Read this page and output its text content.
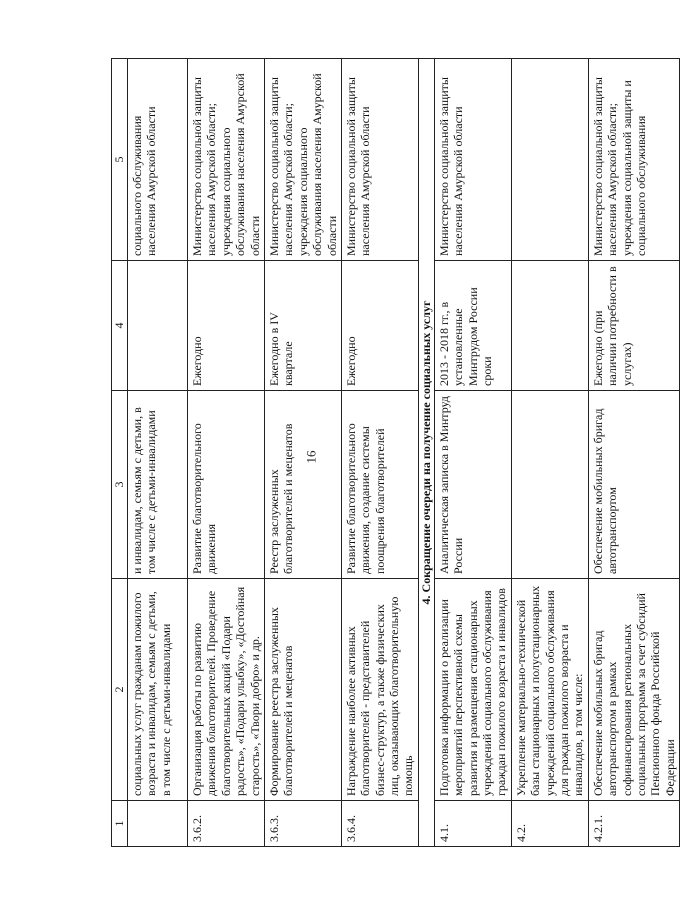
16
1	2	3	4	5
	социальных услуг гражданам пожилого возраста и инвалидам, семьям с детьми, в том числе с детьми-инвалидами	и инвалидам, семьям с детьми, в том числе с детьми-инвалидами		социального обслуживания населения Амурской области
3.6.2.	Организация работы по развитию движения благотворителей. Проведение благотворительных акций «Подари радость», «Подари улыбку», «Достойная старость», «Твори добро» и др.	Развитие благотворительного движения	Ежегодно	Министерство социальной защиты населения Амурской области; учреждения социального обслуживания населения Амурской области
3.6.3.	Формирование реестра заслуженных благотворителей и меценатов	Реестр заслуженных благотворителей и меценатов	Ежегодно в IV квартале	Министерство социальной защиты населения Амурской области; учреждения социального обслуживания населения Амурской области
3.6.4.	Награждение наиболее активных благотворителей - представителей бизнес-структур, а также физических лиц, оказывающих благотворительную помощь	Развитие благотворительного движения, создание системы поощрения благотворителей	Ежегодно	Министерство социальной защиты населения Амурской области
4. Сокращение очереди на получение социальных услуг				
4.1.	Подготовка информации о реализации мероприятий перспективной схемы развития и размещения стационарных учреждений социального обслуживания граждан пожилого возраста и инвалидов	Аналитическая записка в Минтруд России	2013 - 2018 гг., в установленные Минтрудом России сроки	Министерство социальной защиты населения Амурской области
4.2.	Укрепление материально-технической базы стационарных и полустационарных учреждений социального обслуживания для граждан пожилого возраста и инвалидов, в том числе:			
4.2.1.	Обеспечение мобильных бригад автотранспортом в рамках софинансирования региональных социальных программ за счет субсидий Пенсионного фонда Российской Федерации	Обеспечение мобильных бригад автотранспортом	Ежегодно (при наличии потребности в услугах)	Министерство социальной защиты населения Амурской области; учреждения социальной защиты и социального обслуживания
